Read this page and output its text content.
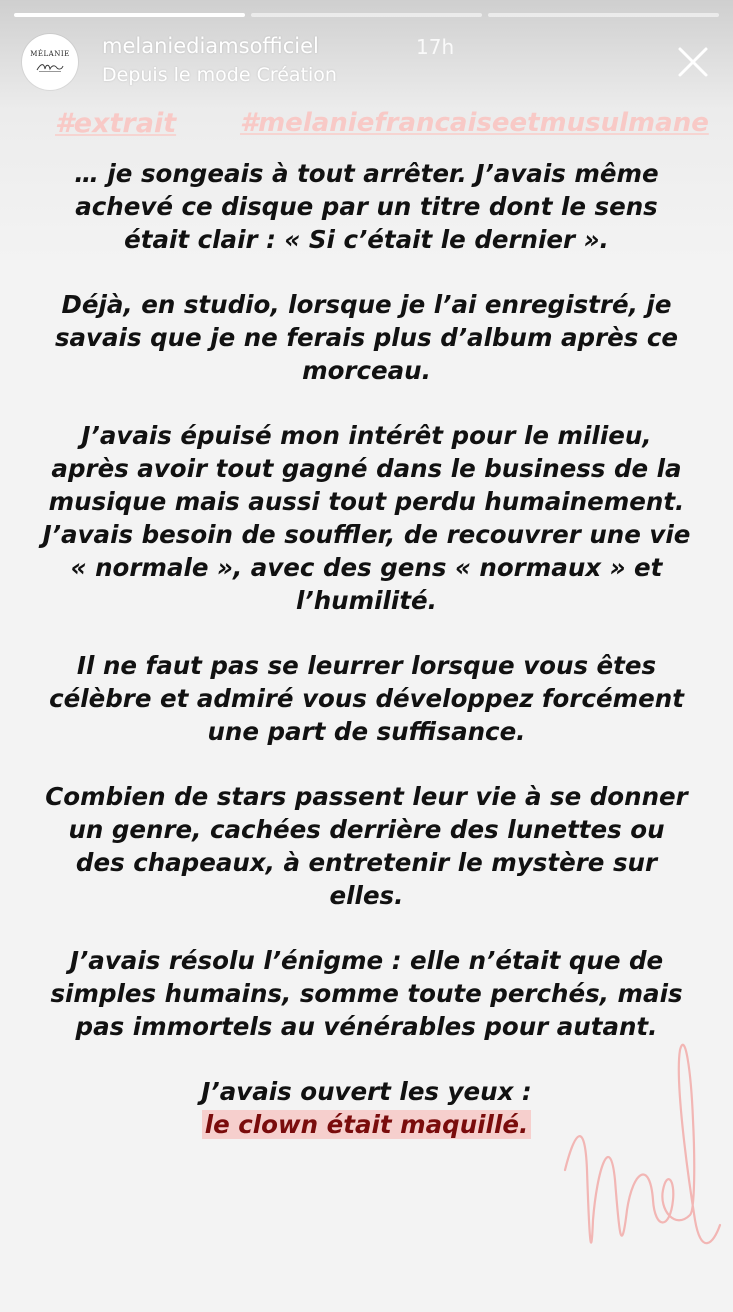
MÉLANIE melaniediamsofficiel	17h
Depuis le mode Création
#extrait #melaniefrancaiseetmusulmane

… je songeais à tout arrêter. J’avais même achevé ce disque par un titre dont le sens était clair : « Si c’était le dernier ».

Déjà, en studio, lorsque je l’ai enregistré, je savais que je ne ferais plus d’album après ce morceau.

J’avais épuisé mon intérêt pour le milieu, après avoir tout gagné dans le business de la musique mais aussi tout perdu humainement. J’avais besoin de souffler, de recouvrer une vie « normale », avec des gens « normaux » et l’humilité.

Il ne faut pas se leurrer lorsque vous êtes célèbre et admiré vous développez forcément une part de suffisance.

Combien de stars passent leur vie à se donner un genre, cachées derrière des lunettes ou des chapeaux, à entretenir le mystère sur elles.

J’avais résolu l’énigme : elle n’était que de simples humains, somme toute perchés, mais pas immortels au vénérables pour autant.

J’avais ouvert les yeux :
le clown était maquillé.
